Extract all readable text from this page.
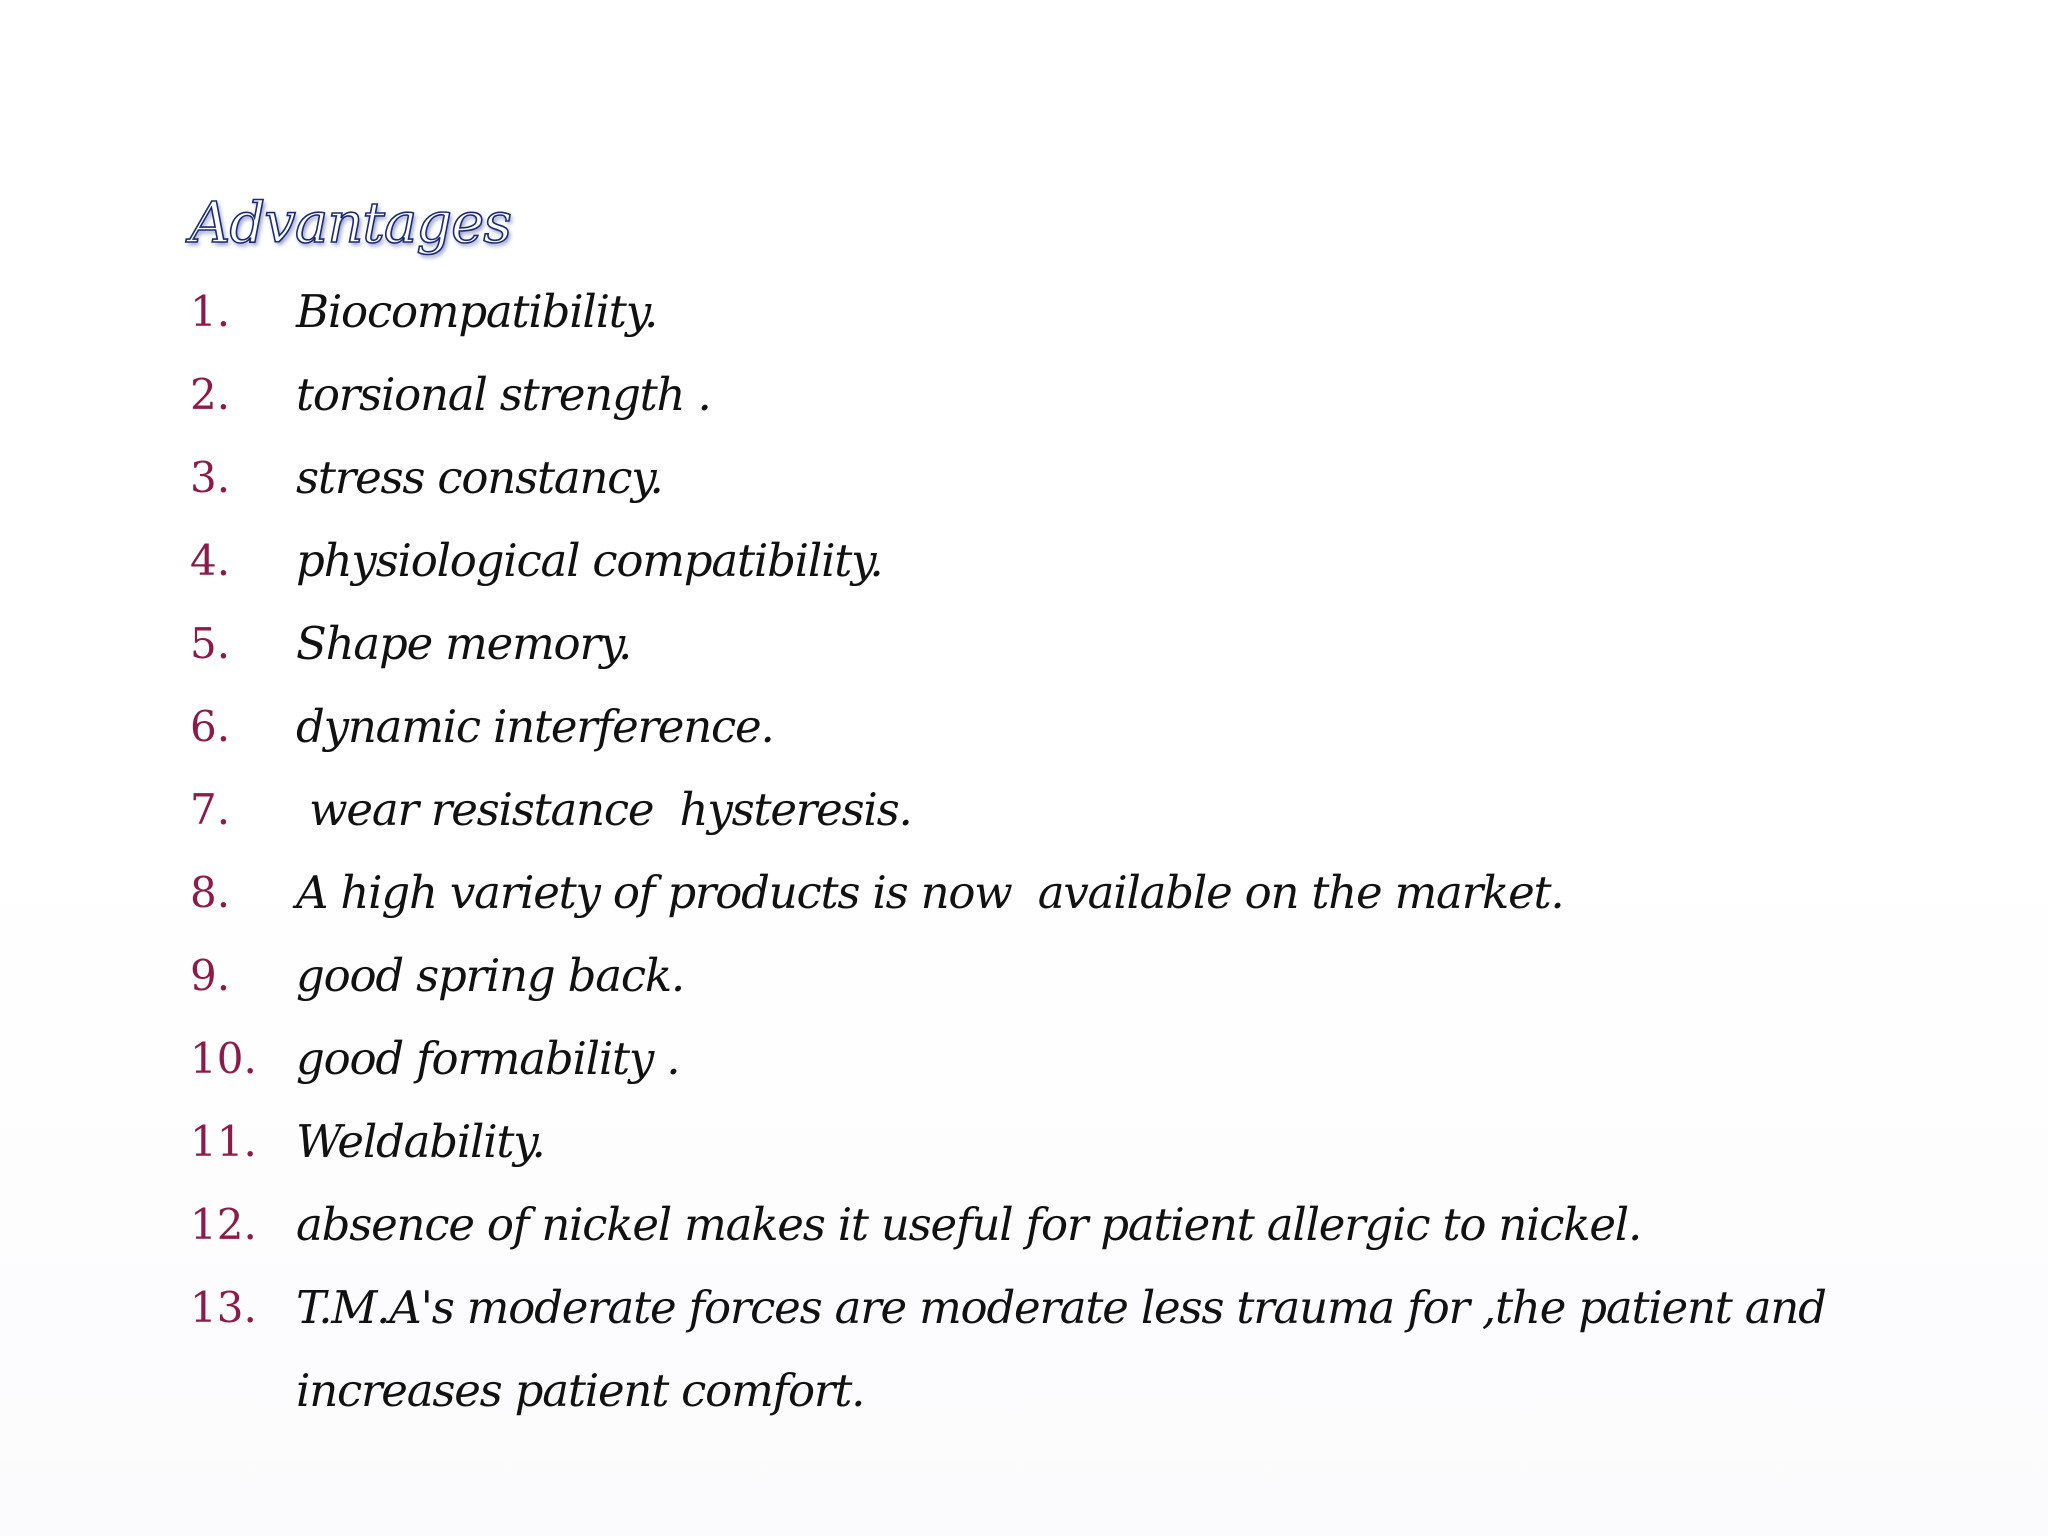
Advantages
1.	Biocompatibility.
2.	torsional strength .
3.	stress constancy.
4.	physiological compatibility.
5.	Shape memory.
6.	dynamic interference.
7.	wear resistance  hysteresis.
8.	A high variety of products is now  available on the market.
9.	good spring back.
10. good formability .
11. Weldability.
12. absence of nickel makes it useful for patient allergic to nickel.
13. T.M.A's moderate forces are moderate less trauma for ,the patient and increases patient comfort.
